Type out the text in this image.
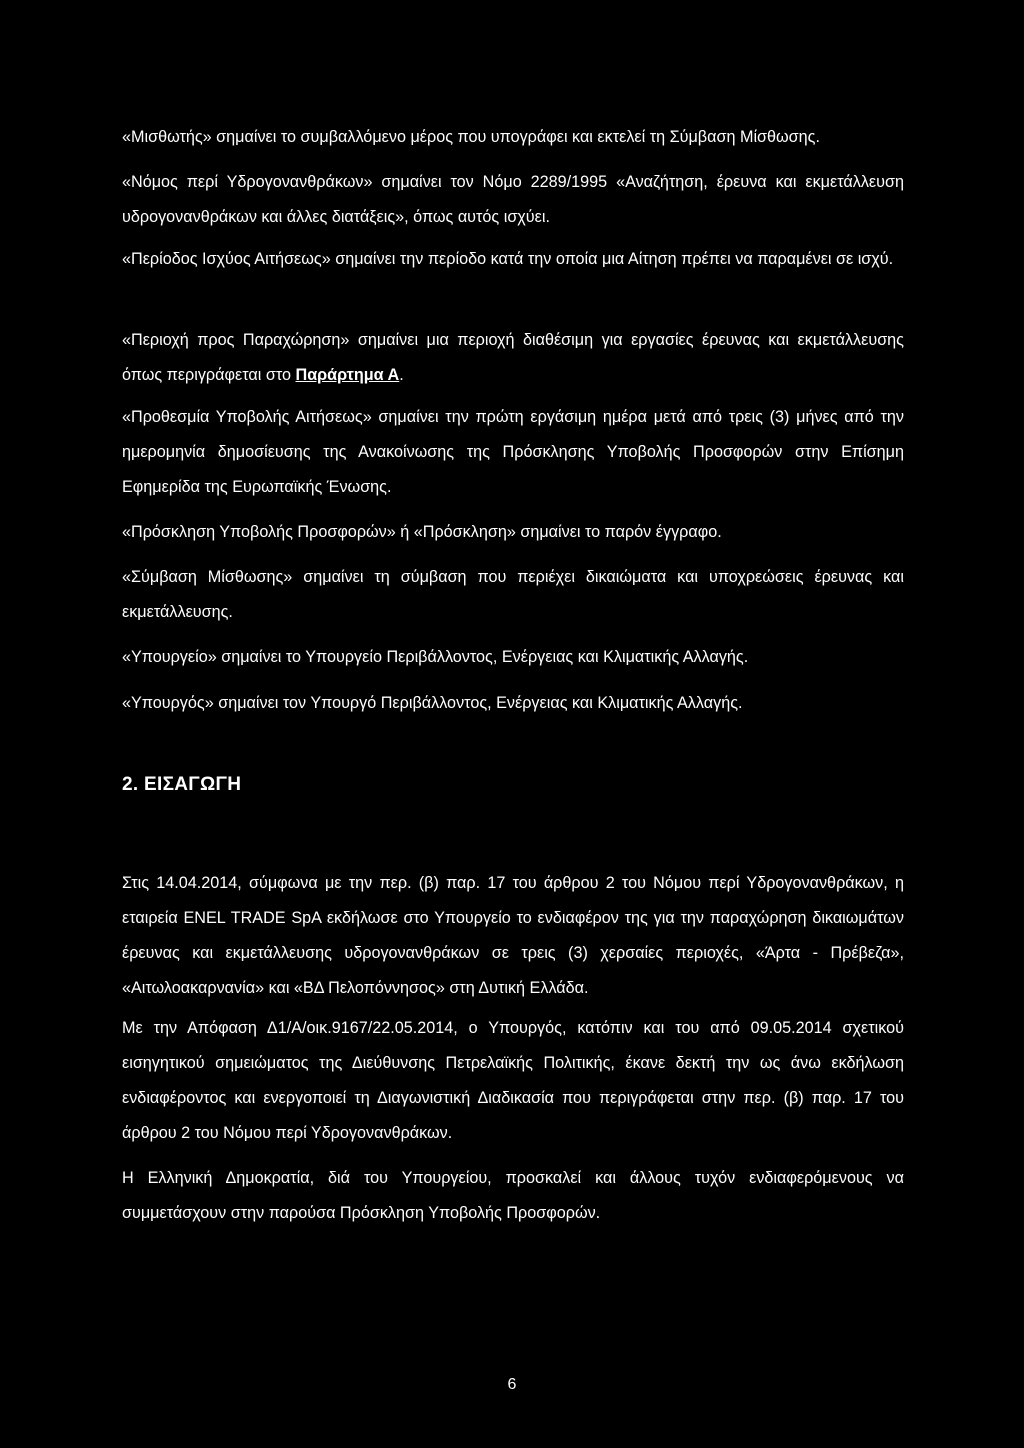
«Μισθωτής» σημαίνει το συμβαλλόμενο μέρος που υπογράφει και εκτελεί τη Σύμβαση Μίσθωσης.

«Νόμος περί Υδρογονανθράκων» σημαίνει τον Νόμο 2289/1995 «Αναζήτηση, έρευνα και εκμετάλλευση υδρογονανθράκων και άλλες διατάξεις», όπως αυτός ισχύει.

«Περίοδος Ισχύος Αιτήσεως» σημαίνει την περίοδο κατά την οποία μια Αίτηση πρέπει να παραμένει σε ισχύ.

«Περιοχή προς Παραχώρηση» σημαίνει μια περιοχή διαθέσιμη για εργασίες έρευνας και εκμετάλλευσης όπως περιγράφεται στο Παράρτημα Α.

«Προθεσμία Υποβολής Αιτήσεως» σημαίνει την πρώτη εργάσιμη ημέρα μετά από τρεις (3) μήνες από την ημερομηνία δημοσίευσης της Ανακοίνωσης της Πρόσκλησης Υποβολής Προσφορών στην Επίσημη Εφημερίδα της Ευρωπαϊκής Ένωσης.

«Πρόσκληση Υποβολής Προσφορών» ή «Πρόσκληση» σημαίνει το παρόν έγγραφο.

«Σύμβαση Μίσθωσης» σημαίνει τη σύμβαση που περιέχει δικαιώματα και υποχρεώσεις έρευνας και εκμετάλλευσης.

«Υπουργείο» σημαίνει το Υπουργείο Περιβάλλοντος, Ενέργειας και Κλιματικής Αλλαγής.

«Υπουργός» σημαίνει τον Υπουργό Περιβάλλοντος, Ενέργειας και Κλιματικής Αλλαγής.

2. ΕΙΣΑΓΩΓΗ

Στις 14.04.2014, σύμφωνα με την περ. (β) παρ. 17 του άρθρου 2 του Νόμου περί Υδρογονανθράκων, η εταιρεία ENEL TRADE SpA εκδήλωσε στο Υπουργείο το ενδιαφέρον της για την παραχώρηση δικαιωμάτων έρευνας και εκμετάλλευσης υδρογονανθράκων σε τρεις (3) χερσαίες περιοχές, «Άρτα - Πρέβεζα», «Αιτωλοακαρνανία» και «ΒΔ Πελοπόννησος» στη Δυτική Ελλάδα.

Με την Απόφαση Δ1/Α/οικ.9167/22.05.2014, ο Υπουργός, κατόπιν και του από 09.05.2014 σχετικού εισηγητικού σημειώματος της Διεύθυνσης Πετρελαϊκής Πολιτικής, έκανε δεκτή την ως άνω εκδήλωση ενδιαφέροντος και ενεργοποιεί τη Διαγωνιστική Διαδικασία που περιγράφεται στην περ. (β) παρ. 17 του άρθρου 2 του Νόμου περί Υδρογονανθράκων.

Η Ελληνική Δημοκρατία, διά του Υπουργείου, προσκαλεί και άλλους τυχόν ενδιαφερόμενους να συμμετάσχουν στην παρούσα Πρόσκληση Υποβολής Προσφορών.

6
